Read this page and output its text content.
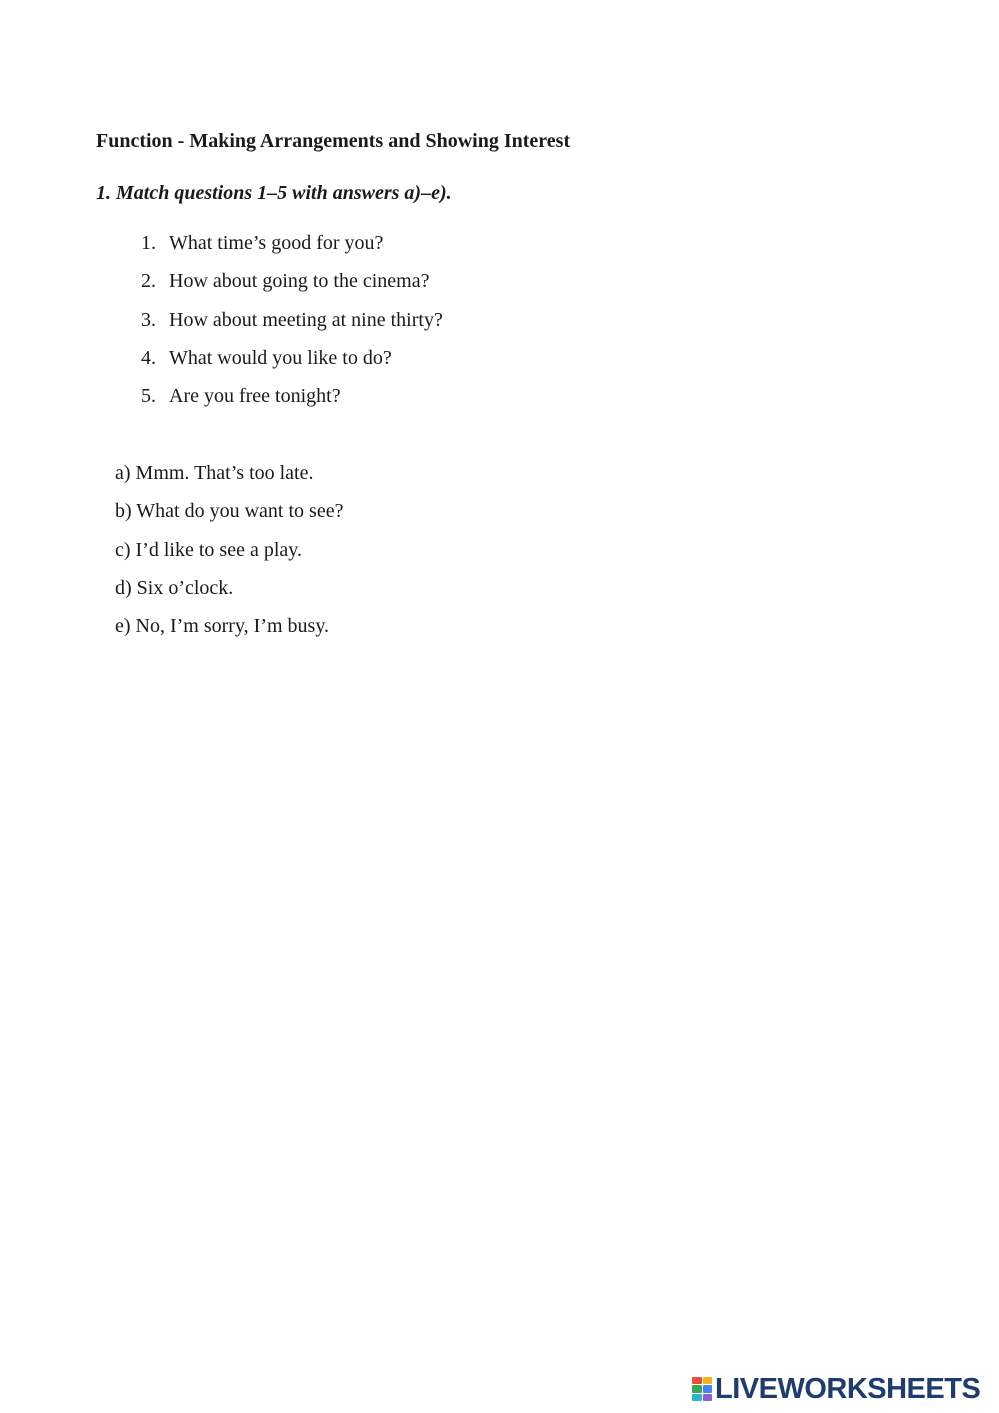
Function - Making Arrangements and Showing Interest
1. Match questions 1–5 with answers a)–e).
1. What time’s good for you?
2. How about going to the cinema?
3. How about meeting at nine thirty?
4. What would you like to do?
5. Are you free tonight?
a) Mmm. That’s too late.
b) What do you want to see?
c) I’d like to see a play.
d) Six o’clock.
e) No, I’m sorry, I’m busy.
LIVEWORKSHEETS
